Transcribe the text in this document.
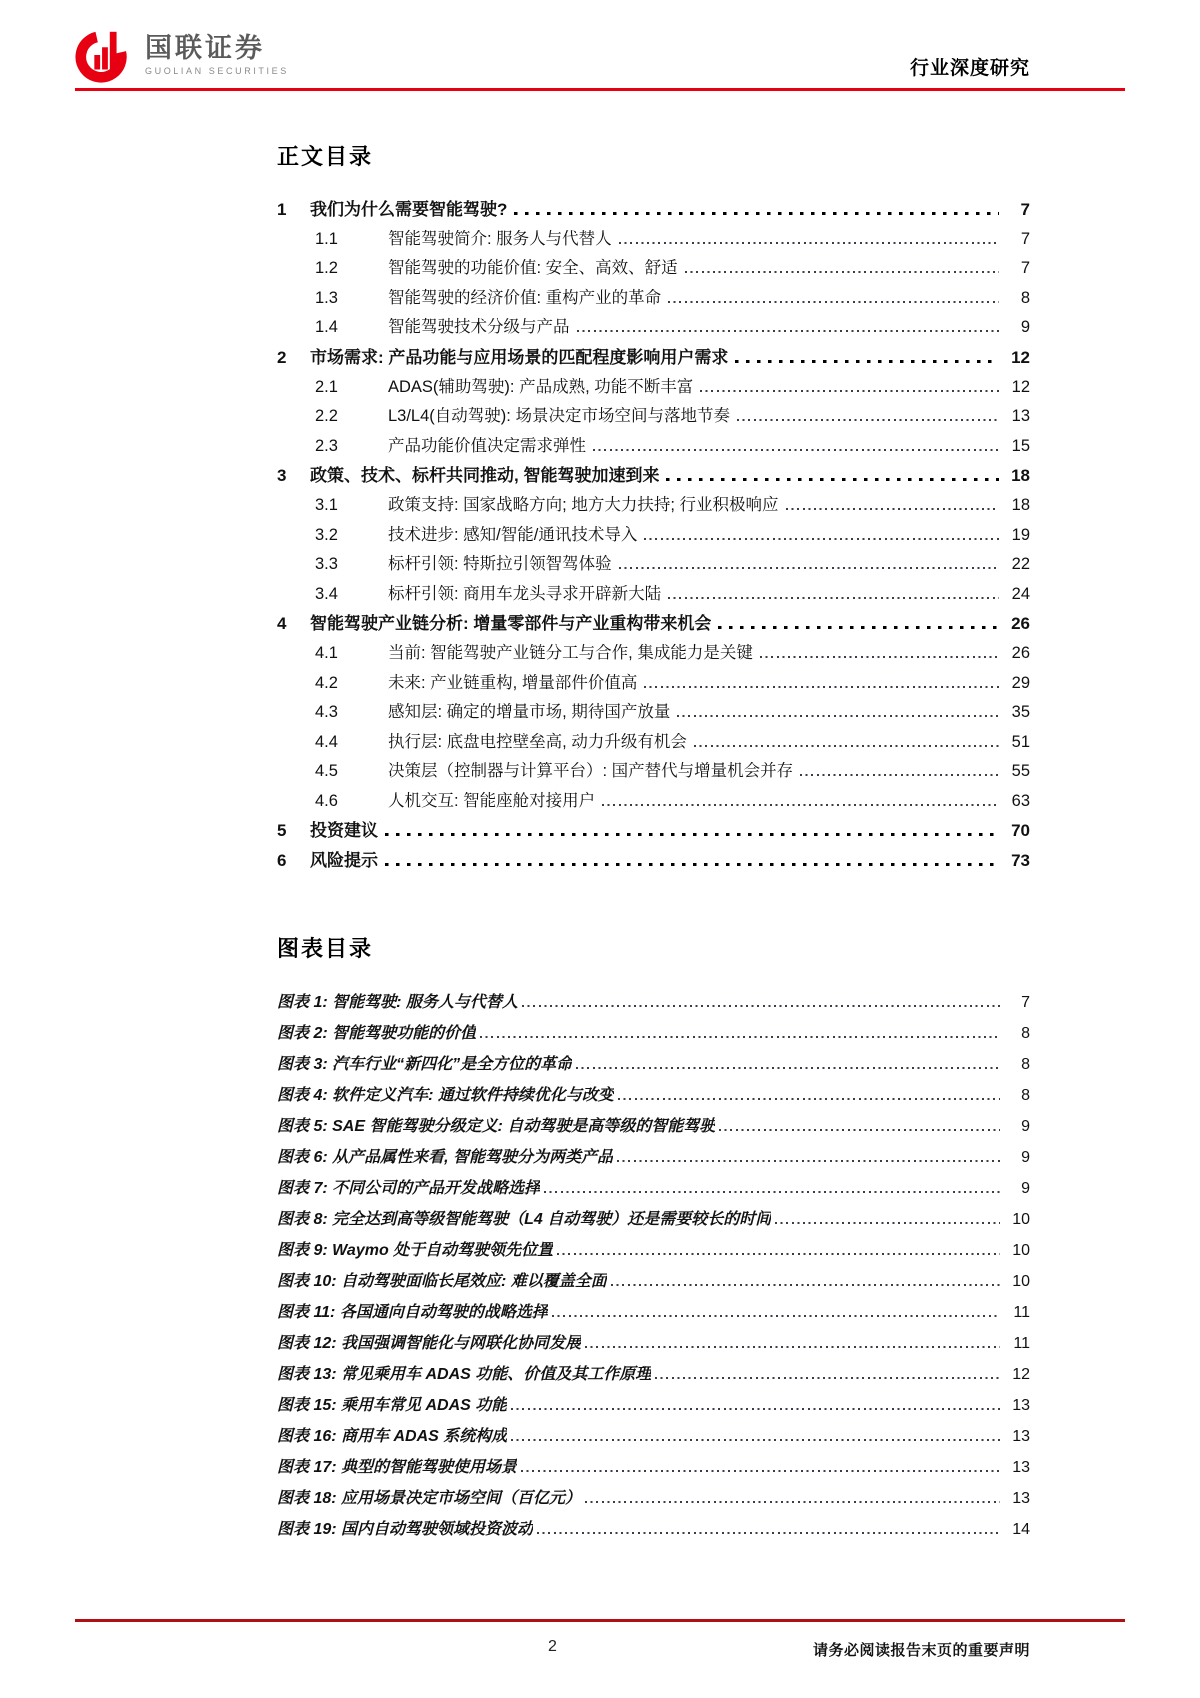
国联证券
GUOLIAN SECURITIES	行业深度研究
正文目录
1	我们为什么需要智能驾驶?	7
1.1	智能驾驶简介: 服务人与代替人	7
1.2	智能驾驶的功能价值: 安全、高效、舒适	7
1.3	智能驾驶的经济价值: 重构产业的革命	8
1.4	智能驾驶技术分级与产品	9
2	市场需求: 产品功能与应用场景的匹配程度影响用户需求	12
2.1	ADAS(辅助驾驶): 产品成熟, 功能不断丰富	12
2.2	L3/L4(自动驾驶): 场景决定市场空间与落地节奏	13
2.3	产品功能价值决定需求弹性	15
3	政策、技术、标杆共同推动, 智能驾驶加速到来	18
3.1	政策支持: 国家战略方向; 地方大力扶持; 行业积极响应	18
3.2	技术进步: 感知/智能/通讯技术导入	19
3.3	标杆引领: 特斯拉引领智驾体验	22
3.4	标杆引领: 商用车龙头寻求开辟新大陆	24
4	智能驾驶产业链分析: 增量零部件与产业重构带来机会	26
4.1	当前: 智能驾驶产业链分工与合作, 集成能力是关键	26
4.2	未来: 产业链重构, 增量部件价值高	29
4.3	感知层: 确定的增量市场, 期待国产放量	35
4.4	执行层: 底盘电控壁垒高, 动力升级有机会	51
4.5	决策层（控制器与计算平台）: 国产替代与增量机会并存	55
4.6	人机交互: 智能座舱对接用户	63
5	投资建议	70
6	风险提示	73
图表目录
图表 1: 智能驾驶: 服务人与代替人	7
图表 2: 智能驾驶功能的价值	8
图表 3: 汽车行业“新四化”是全方位的革命	8
图表 4: 软件定义汽车: 通过软件持续优化与改变	8
图表 5: SAE 智能驾驶分级定义: 自动驾驶是高等级的智能驾驶	9
图表 6: 从产品属性来看, 智能驾驶分为两类产品	9
图表 7: 不同公司的产品开发战略选择	9
图表 8: 完全达到高等级智能驾驶（L4 自动驾驶）还是需要较长的时间	10
图表 9: Waymo 处于自动驾驶领先位置	10
图表 10: 自动驾驶面临长尾效应: 难以覆盖全面	10
图表 11: 各国通向自动驾驶的战略选择	11
图表 12: 我国强调智能化与网联化协同发展	11
图表 13: 常见乘用车 ADAS 功能、价值及其工作原理	12
图表 15: 乘用车常见 ADAS 功能	13
图表 16: 商用车 ADAS 系统构成	13
图表 17: 典型的智能驾驶使用场景	13
图表 18: 应用场景决定市场空间（百亿元）	13
图表 19: 国内自动驾驶领域投资波动	14
2	请务必阅读报告末页的重要声明
